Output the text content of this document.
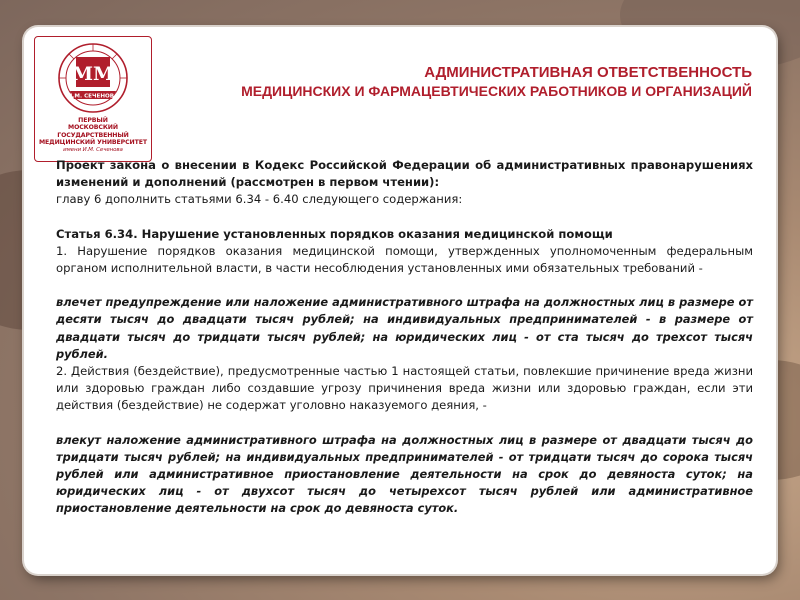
ММ
И.М. СЕЧЕНОВА
ПЕРВЫЙ
МОСКОВСКИЙ ГОСУДАРСТВЕННЫЙ
МЕДИЦИНСКИЙ УНИВЕРСИТЕТ
имени И.М. Сеченова
АДМИНИСТРАТИВНАЯ ОТВЕТСТВЕННОСТЬ
МЕДИЦИНСКИХ И ФАРМАЦЕВТИЧЕСКИХ РАБОТНИКОВ И ОРГАНИЗАЦИЙ

Проект закона о внесении в Кодекс Российской Федерации об административных правонарушениях изменений и дополнений (рассмотрен в первом чтении):

главу 6 дополнить статьями 6.34 - 6.40 следующего содержания:

Статья 6.34. Нарушение установленных порядков оказания медицинской помощи

1. Нарушение порядков оказания медицинской помощи, утвержденных уполномоченным федеральным органом исполнительной власти, в части несоблюдения установленных ими обязательных требований -

влечет предупреждение или наложение административного штрафа на должностных лиц в размере от десяти тысяч до двадцати тысяч рублей; на индивидуальных предпринимателей - в размере от двадцати тысяч до тридцати тысяч рублей; на юридических лиц - от ста тысяч до трехсот тысяч рублей.

2. Действия (бездействие), предусмотренные частью 1 настоящей статьи, повлекшие причинение вреда жизни или здоровью граждан либо создавшие угрозу причинения вреда жизни или здоровью граждан, если эти действия (бездействие) не содержат уголовно наказуемого деяния, -

влекут наложение административного штрафа на должностных лиц в размере от двадцати тысяч до тридцати тысяч рублей; на индивидуальных предпринимателей - от тридцати тысяч до сорока тысяч рублей или административное приостановление деятельности на срок до девяноста суток; на юридических лиц - от двухсот тысяч до четырехсот тысяч рублей или административное приостановление деятельности на срок до девяноста суток.
